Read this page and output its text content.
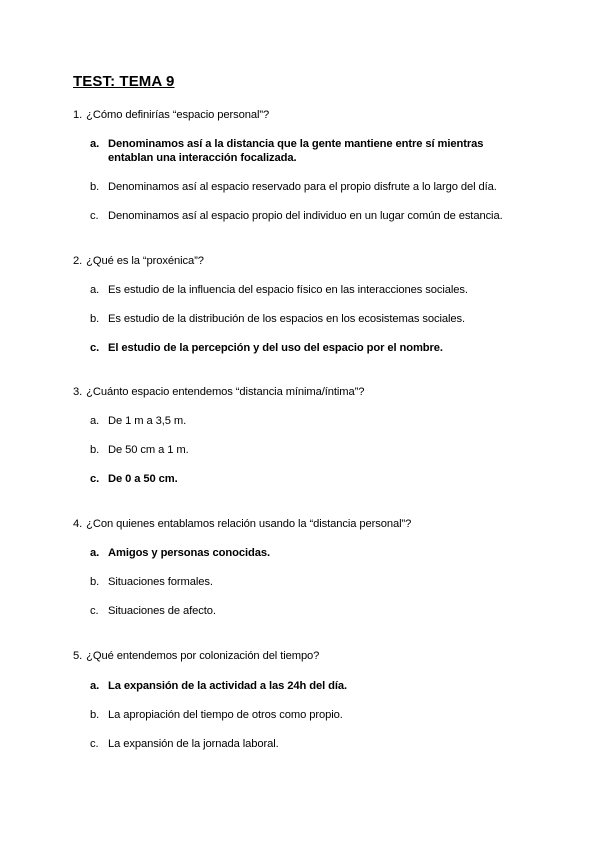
TEST: TEMA 9
1. ¿Cómo definirías “espacio personal”?
a. Denominamos así a la distancia que la gente mantiene entre sí mientras entablan una interacción focalizada.
b. Denominamos así al espacio reservado para el propio disfrute a lo largo del día.
c. Denominamos así al espacio propio del individuo en un lugar común de estancia.
2. ¿Qué es la “proxénica”?
a. Es estudio de la influencia del espacio físico en las interacciones sociales.
b. Es estudio de la distribución de los espacios en los ecosistemas sociales.
c. El estudio de la percepción y del uso del espacio por el nombre.
3. ¿Cuánto espacio entendemos “distancia mínima/íntima”?
a. De 1 m a 3,5 m.
b. De 50 cm a 1 m.
c. De 0 a 50 cm.
4. ¿Con quienes entablamos relación usando la “distancia personal”?
a. Amigos y personas conocidas.
b. Situaciones formales.
c. Situaciones de afecto.
5. ¿Qué entendemos por colonización del tiempo?
a. La expansión de la actividad a las 24h del día.
b. La apropiación del tiempo de otros como propio.
c. La expansión de la jornada laboral.
